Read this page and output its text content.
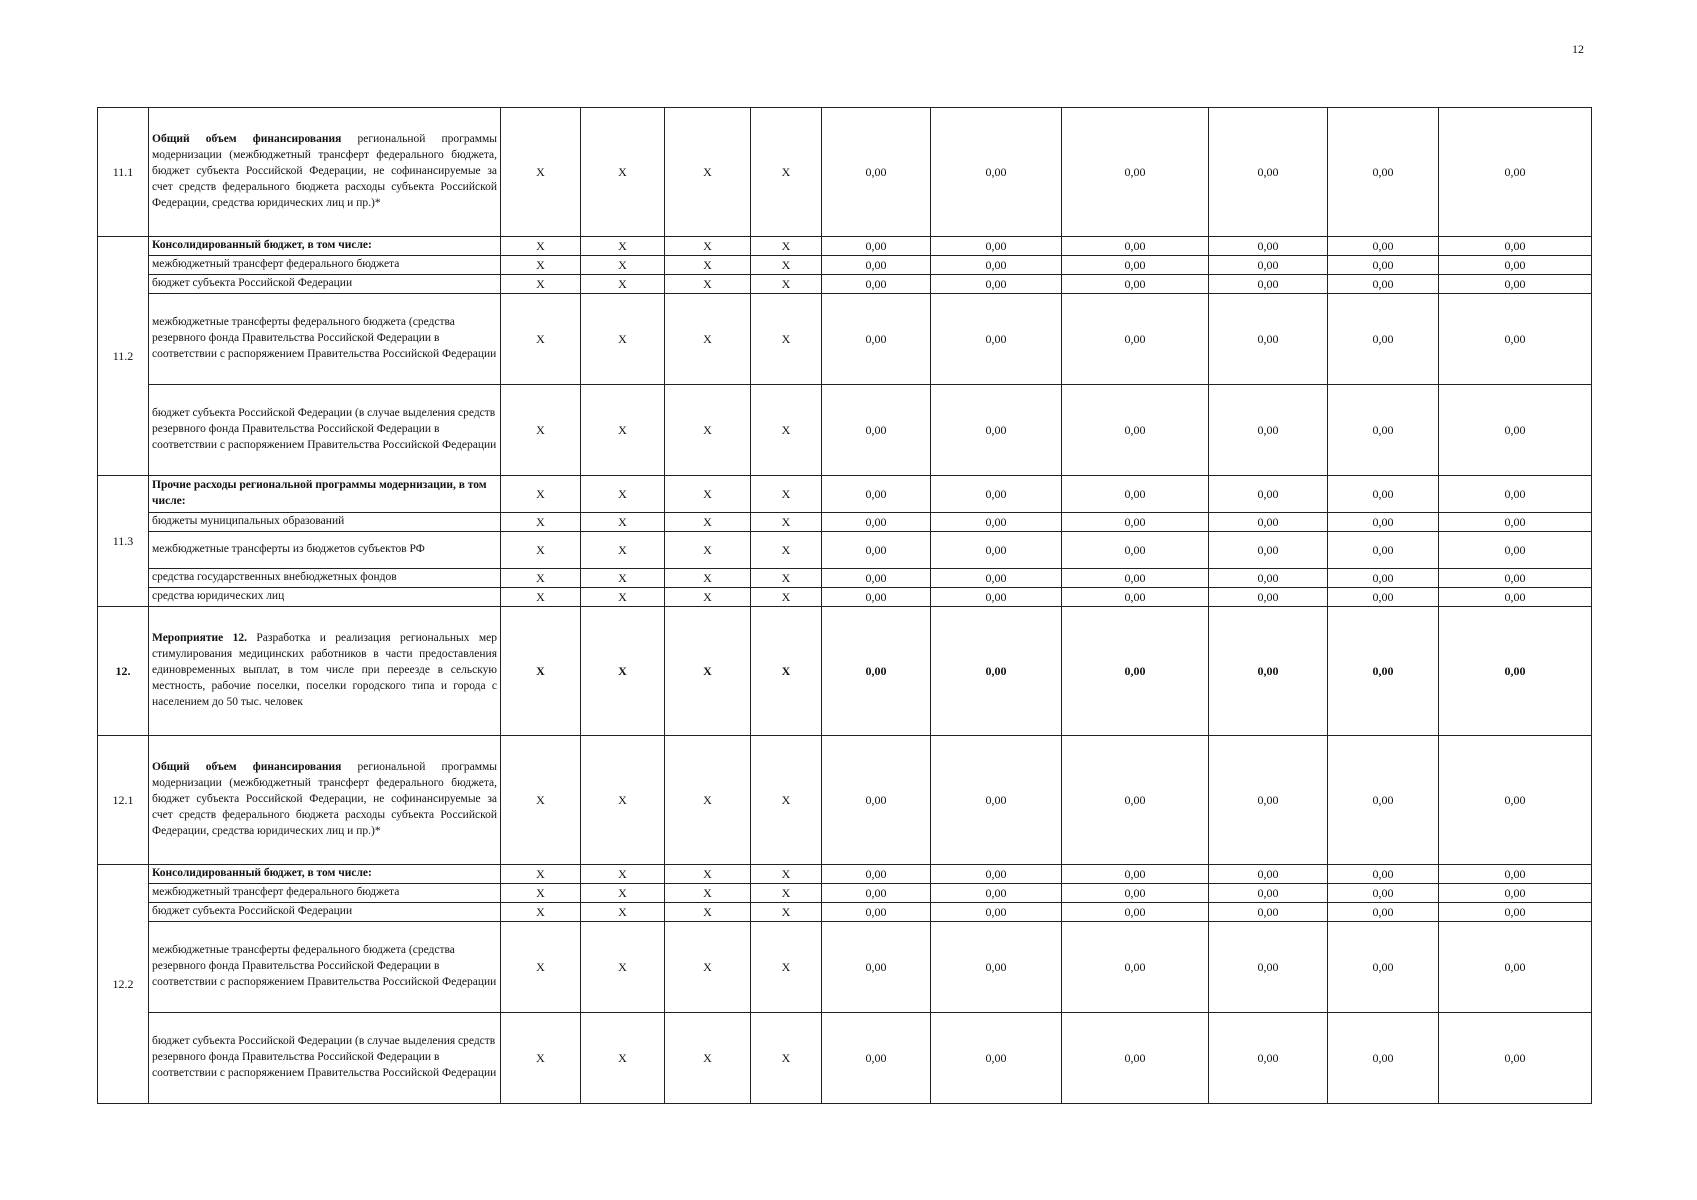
12
11.1	Общий объем финансирования региональной программы модернизации (межбюджетный трансферт федерального бюджета, бюджет субъекта Российской Федерации, не софинансируемые за счет средств федерального бюджета расходы субъекта Российской Федерации, средства юридических лиц и пр.)*	X	X	X	X	0,00	0,00	0,00	0,00	0,00	0,00
11.2	Консолидированный бюджет, в том числе:	X	X	X	X	0,00	0,00	0,00	0,00	0,00	0,00
	межбюджетный трансферт федерального бюджета	X	X	X	X	0,00	0,00	0,00	0,00	0,00	0,00
	бюджет субъекта Российской Федерации	X	X	X	X	0,00	0,00	0,00	0,00	0,00	0,00
	межбюджетные трансферты федерального бюджета (средства резервного фонда Правительства Российской Федерации в соответствии с распоряжением Правительства Российской Федерации	X	X	X	X	0,00	0,00	0,00	0,00	0,00	0,00
	бюджет субъекта Российской Федерации (в случае выделения средств резервного фонда Правительства Российской Федерации в соответствии с распоряжением Правительства Российской Федерации	X	X	X	X	0,00	0,00	0,00	0,00	0,00	0,00
11.3	Прочие расходы региональной программы модернизации, в том числе:	X	X	X	X	0,00	0,00	0,00	0,00	0,00	0,00
	бюджеты муниципальных образований	X	X	X	X	0,00	0,00	0,00	0,00	0,00	0,00
	межбюджетные трансферты из бюджетов субъектов РФ	X	X	X	X	0,00	0,00	0,00	0,00	0,00	0,00
	средства государственных внебюджетных фондов	X	X	X	X	0,00	0,00	0,00	0,00	0,00	0,00
	средства юридических лиц	X	X	X	X	0,00	0,00	0,00	0,00	0,00	0,00
12.	Мероприятие 12. Разработка и реализация региональных мер стимулирования медицинских работников в части предоставления единовременных выплат, в том числе при переезде в сельскую местность, рабочие поселки, поселки городского типа и города с населением до 50 тыс. человек	X	X	X	X	0,00	0,00	0,00	0,00	0,00	0,00
12.1	Общий объем финансирования региональной программы модернизации (межбюджетный трансферт федерального бюджета, бюджет субъекта Российской Федерации, не софинансируемые за счет средств федерального бюджета расходы субъекта Российской Федерации, средства юридических лиц и пр.)*	X	X	X	X	0,00	0,00	0,00	0,00	0,00	0,00
12.2	Консолидированный бюджет, в том числе:	X	X	X	X	0,00	0,00	0,00	0,00	0,00	0,00
	межбюджетный трансферт федерального бюджета	X	X	X	X	0,00	0,00	0,00	0,00	0,00	0,00
	бюджет субъекта Российской Федерации	X	X	X	X	0,00	0,00	0,00	0,00	0,00	0,00
	межбюджетные трансферты федерального бюджета (средства резервного фонда Правительства Российской Федерации в соответствии с распоряжением Правительства Российской Федерации	X	X	X	X	0,00	0,00	0,00	0,00	0,00	0,00
	бюджет субъекта Российской Федерации (в случае выделения средств резервного фонда Правительства Российской Федерации в соответствии с распоряжением Правительства Российской Федерации	X	X	X	X	0,00	0,00	0,00	0,00	0,00	0,00
